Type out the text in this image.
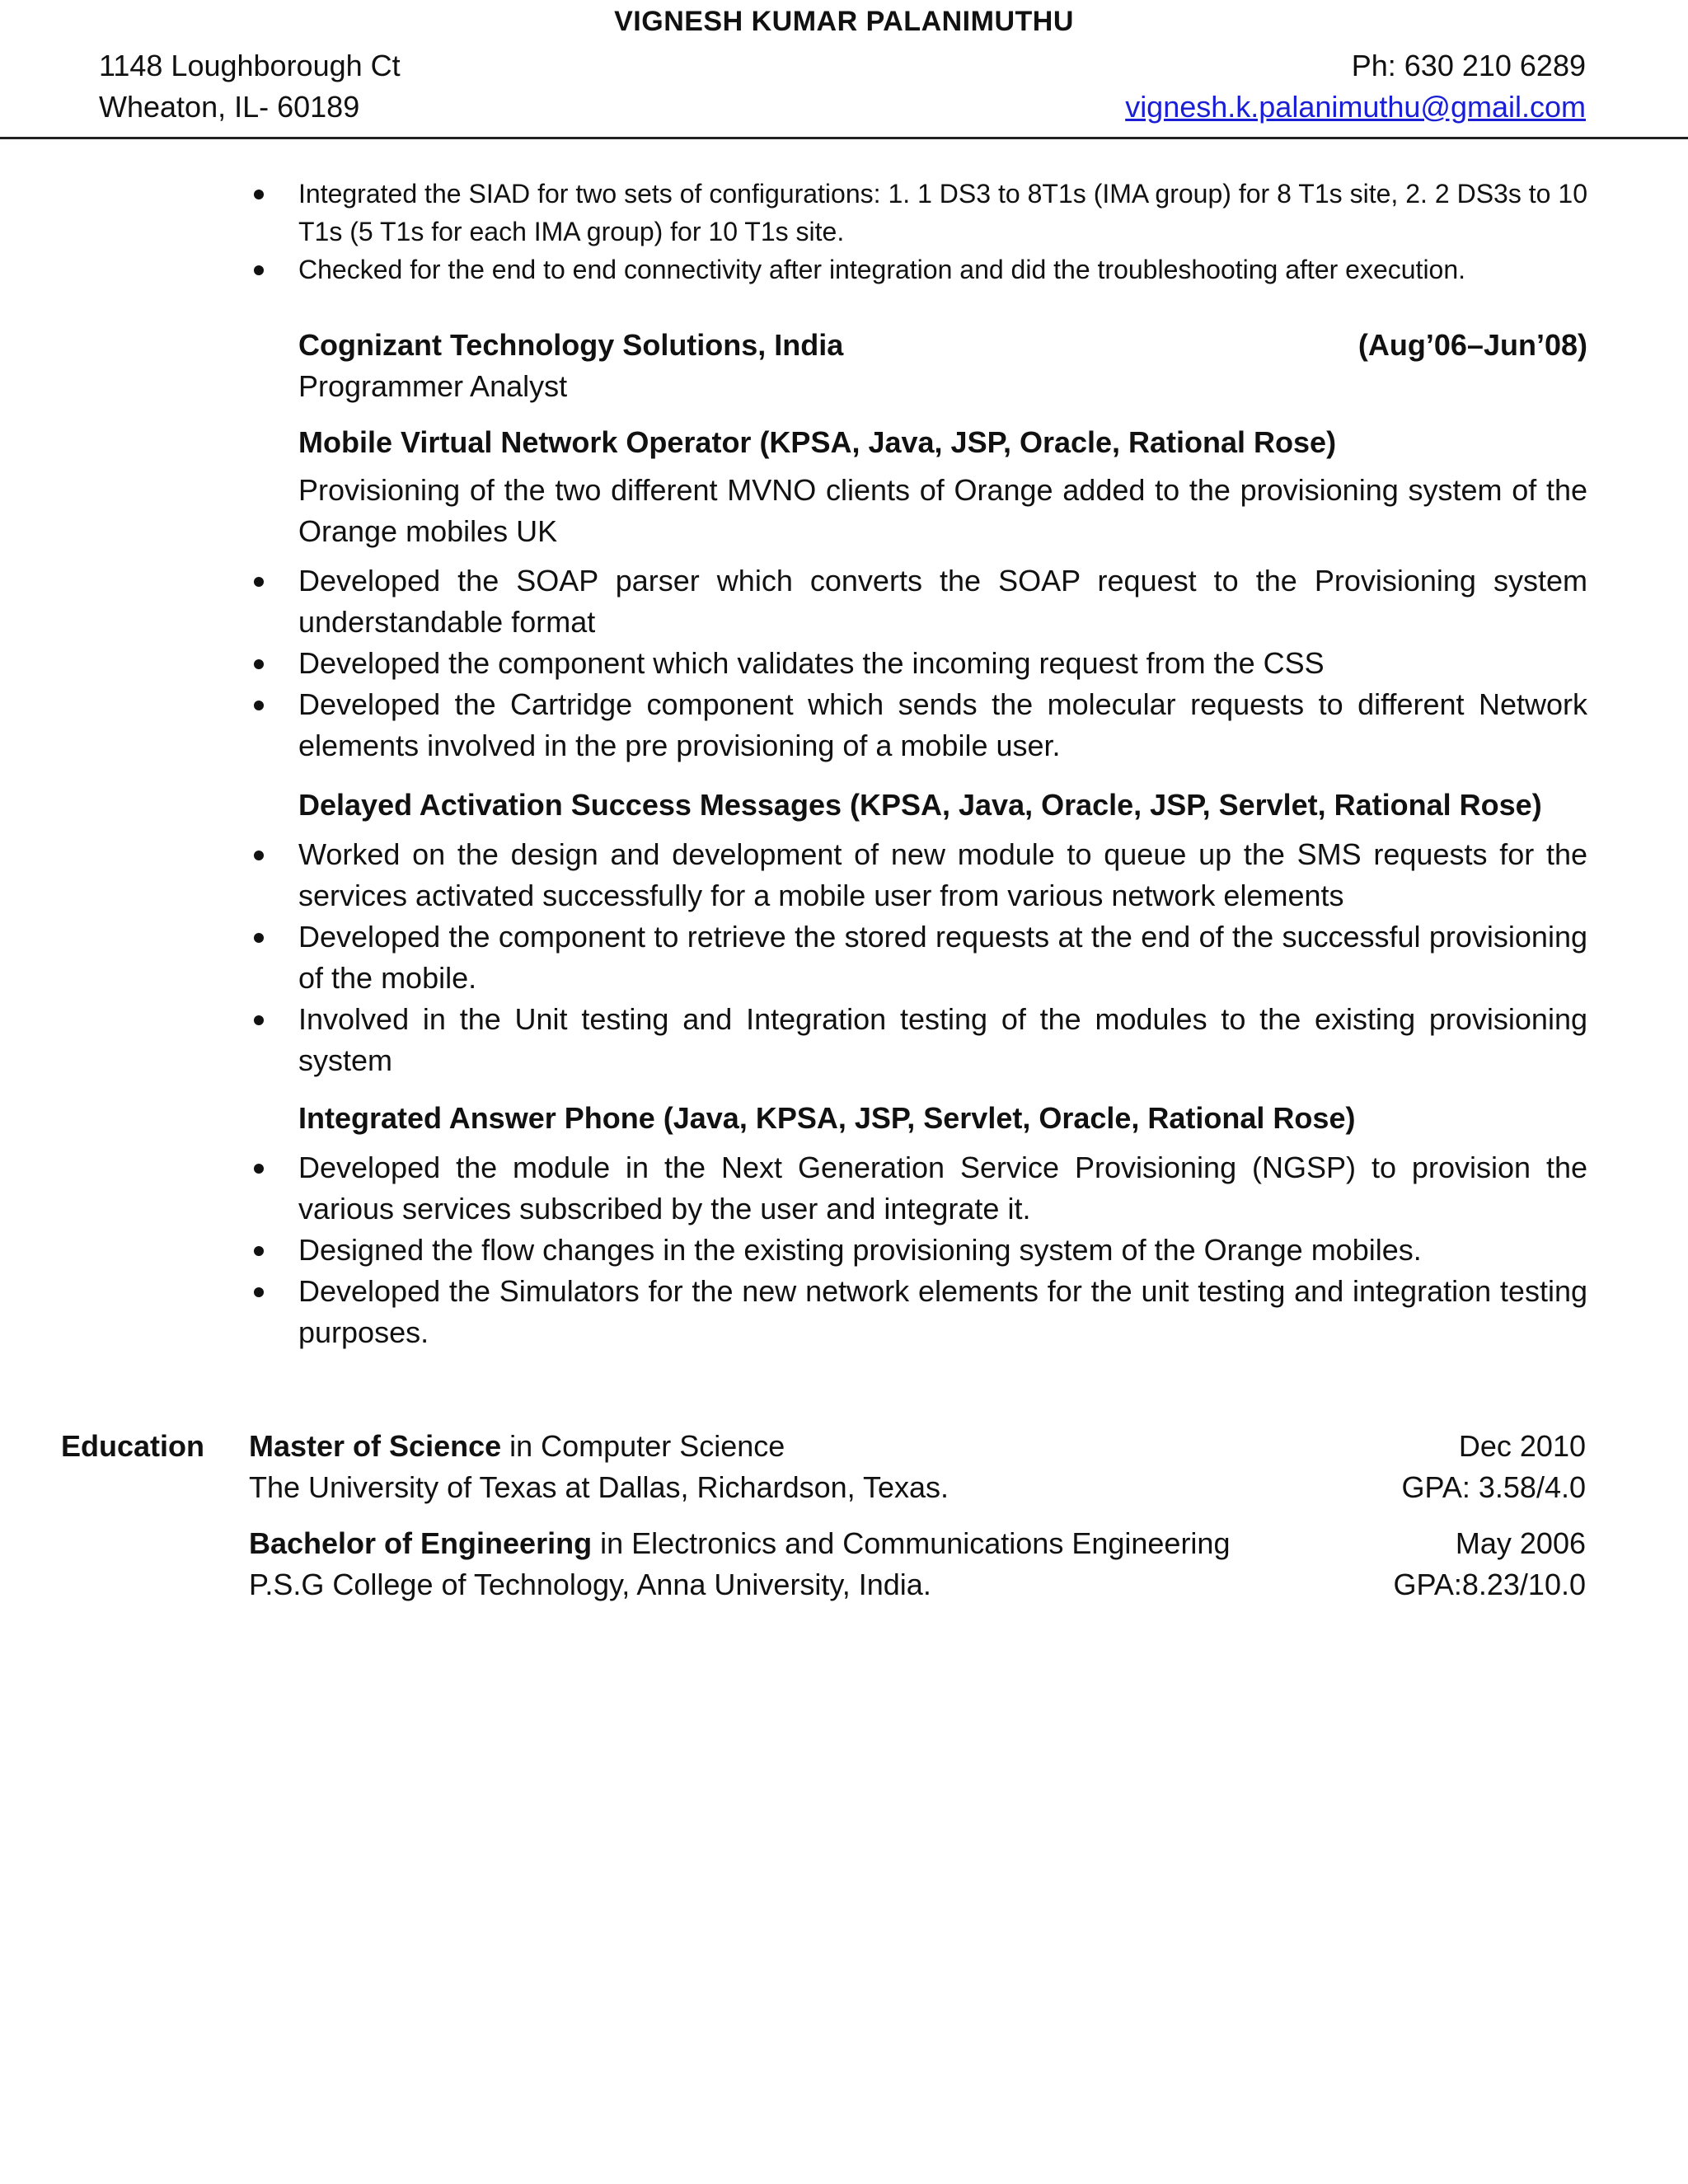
VIGNESH KUMAR PALANIMUTHU
1148 Loughborough Ct
Wheaton, IL- 60189
Ph: 630 210 6289
vignesh.k.palanimuthu@gmail.com
Integrated the SIAD for two sets of configurations: 1. 1 DS3 to 8T1s (IMA group) for 8 T1s site, 2. 2 DS3s to 10 T1s (5 T1s for each IMA group) for 10 T1s site.
Checked for the end to end connectivity after integration and did the troubleshooting after execution.
Cognizant Technology Solutions, India	(Aug’06–Jun’08)
Programmer Analyst
Mobile Virtual Network Operator (KPSA, Java, JSP, Oracle, Rational Rose)
Provisioning of the two different MVNO clients of Orange added to the provisioning system of the Orange mobiles UK
Developed the SOAP parser which converts the SOAP request to the Provisioning system understandable format
Developed the component which validates the incoming request from the CSS
Developed the Cartridge component which sends the molecular requests to different Network elements involved in the pre provisioning of a mobile user.
Delayed Activation Success Messages (KPSA, Java, Oracle, JSP, Servlet, Rational Rose)
Worked on the design and development of new module to queue up the SMS requests for the services activated successfully for a mobile user from various network elements
Developed the component to retrieve the stored requests at the end of the successful provisioning of the mobile.
Involved in the Unit testing and Integration testing of the modules to the existing provisioning system
Integrated Answer Phone (Java, KPSA, JSP, Servlet, Oracle, Rational Rose)
Developed the module in the Next Generation Service Provisioning (NGSP) to provision the various services subscribed by the user and integrate it.
Designed the flow changes in the existing provisioning system of the Orange mobiles.
Developed the Simulators for the new network elements for the unit testing and integration testing purposes.
Education Master of Science in Computer Science	Dec 2010
The University of Texas at Dallas, Richardson, Texas.	GPA: 3.58/4.0
Bachelor of Engineering in Electronics and Communications Engineering	May 2006
P.S.G College of Technology, Anna University, India.	GPA:8.23/10.0
